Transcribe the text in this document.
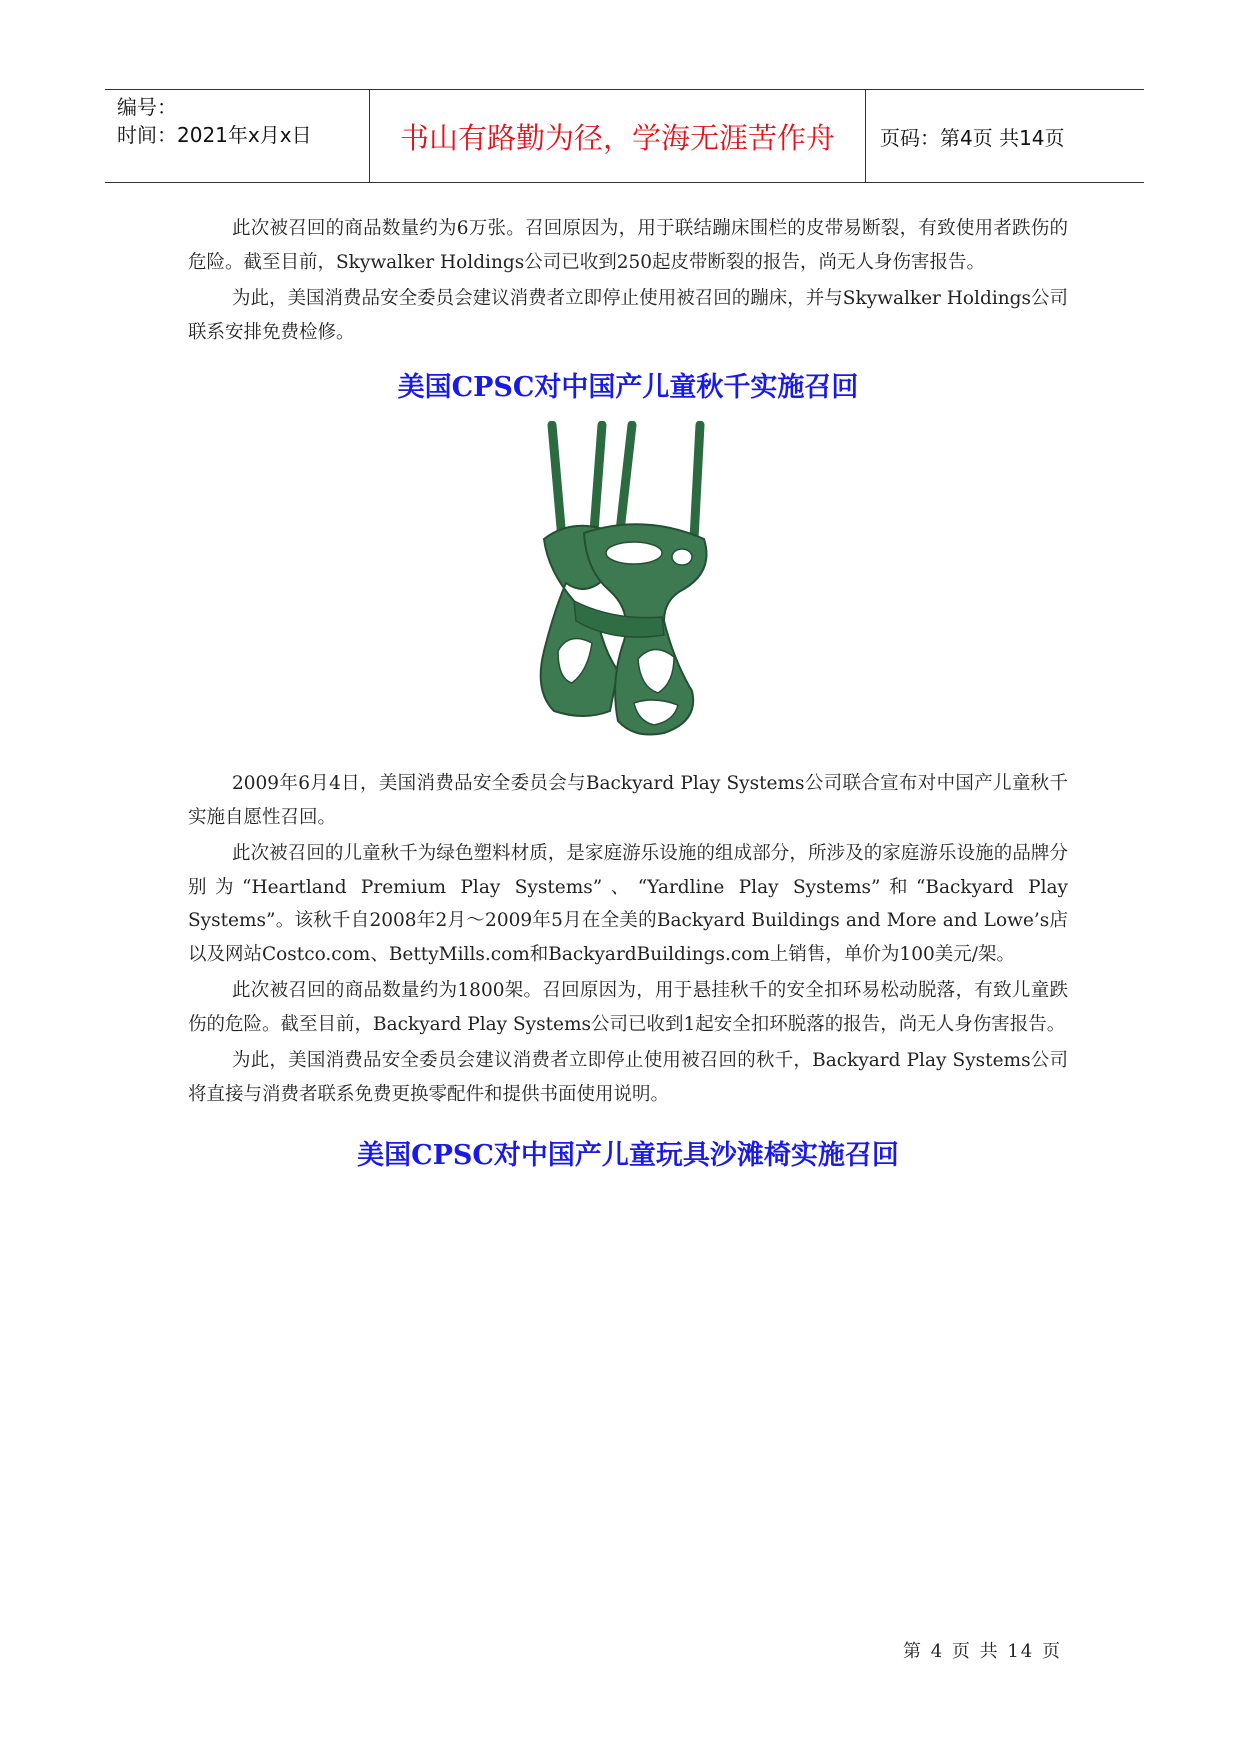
编号：
时间：2021年x月x日	书山有路勤为径，学海无涯苦作舟 页码：第4页 共14页

此次被召回的商品数量约为6万张。召回原因为，用于联结蹦床围栏的皮带易断裂，有致使用者跌伤的危险。截至目前，Skywalker Holdings公司已收到250起皮带断裂的报告，尚无人身伤害报告。

为此，美国消费品安全委员会建议消费者立即停止使用被召回的蹦床，并与Skywalker Holdings公司联系安排免费检修。

美国CPSC对中国产儿童秋千实施召回

2009年6月4日，美国消费品安全委员会与Backyard Play Systems公司联合宣布对中国产儿童秋千实施自愿性召回。

此次被召回的儿童秋千为绿色塑料材质，是家庭游乐设施的组成部分，所涉及的家庭游乐设施的品牌分别为“Heartland Premium Play Systems”、“Yardline Play Systems”和“Backyard Play Systems”。该秋千自2008年2月～2009年5月在全美的Backyard Buildings and More and Lowe’s店以及网站Costco.com、BettyMills.com和BackyardBuildings.com上销售，单价为100美元/架。

此次被召回的商品数量约为1800架。召回原因为，用于悬挂秋千的安全扣环易松动脱落，有致儿童跌伤的危险。截至目前，Backyard Play Systems公司已收到1起安全扣环脱落的报告，尚无人身伤害报告。

为此，美国消费品安全委员会建议消费者立即停止使用被召回的秋千，Backyard Play Systems公司将直接与消费者联系免费更换零配件和提供书面使用说明。

美国CPSC对中国产儿童玩具沙滩椅实施召回
第 4 页 共 14 页
